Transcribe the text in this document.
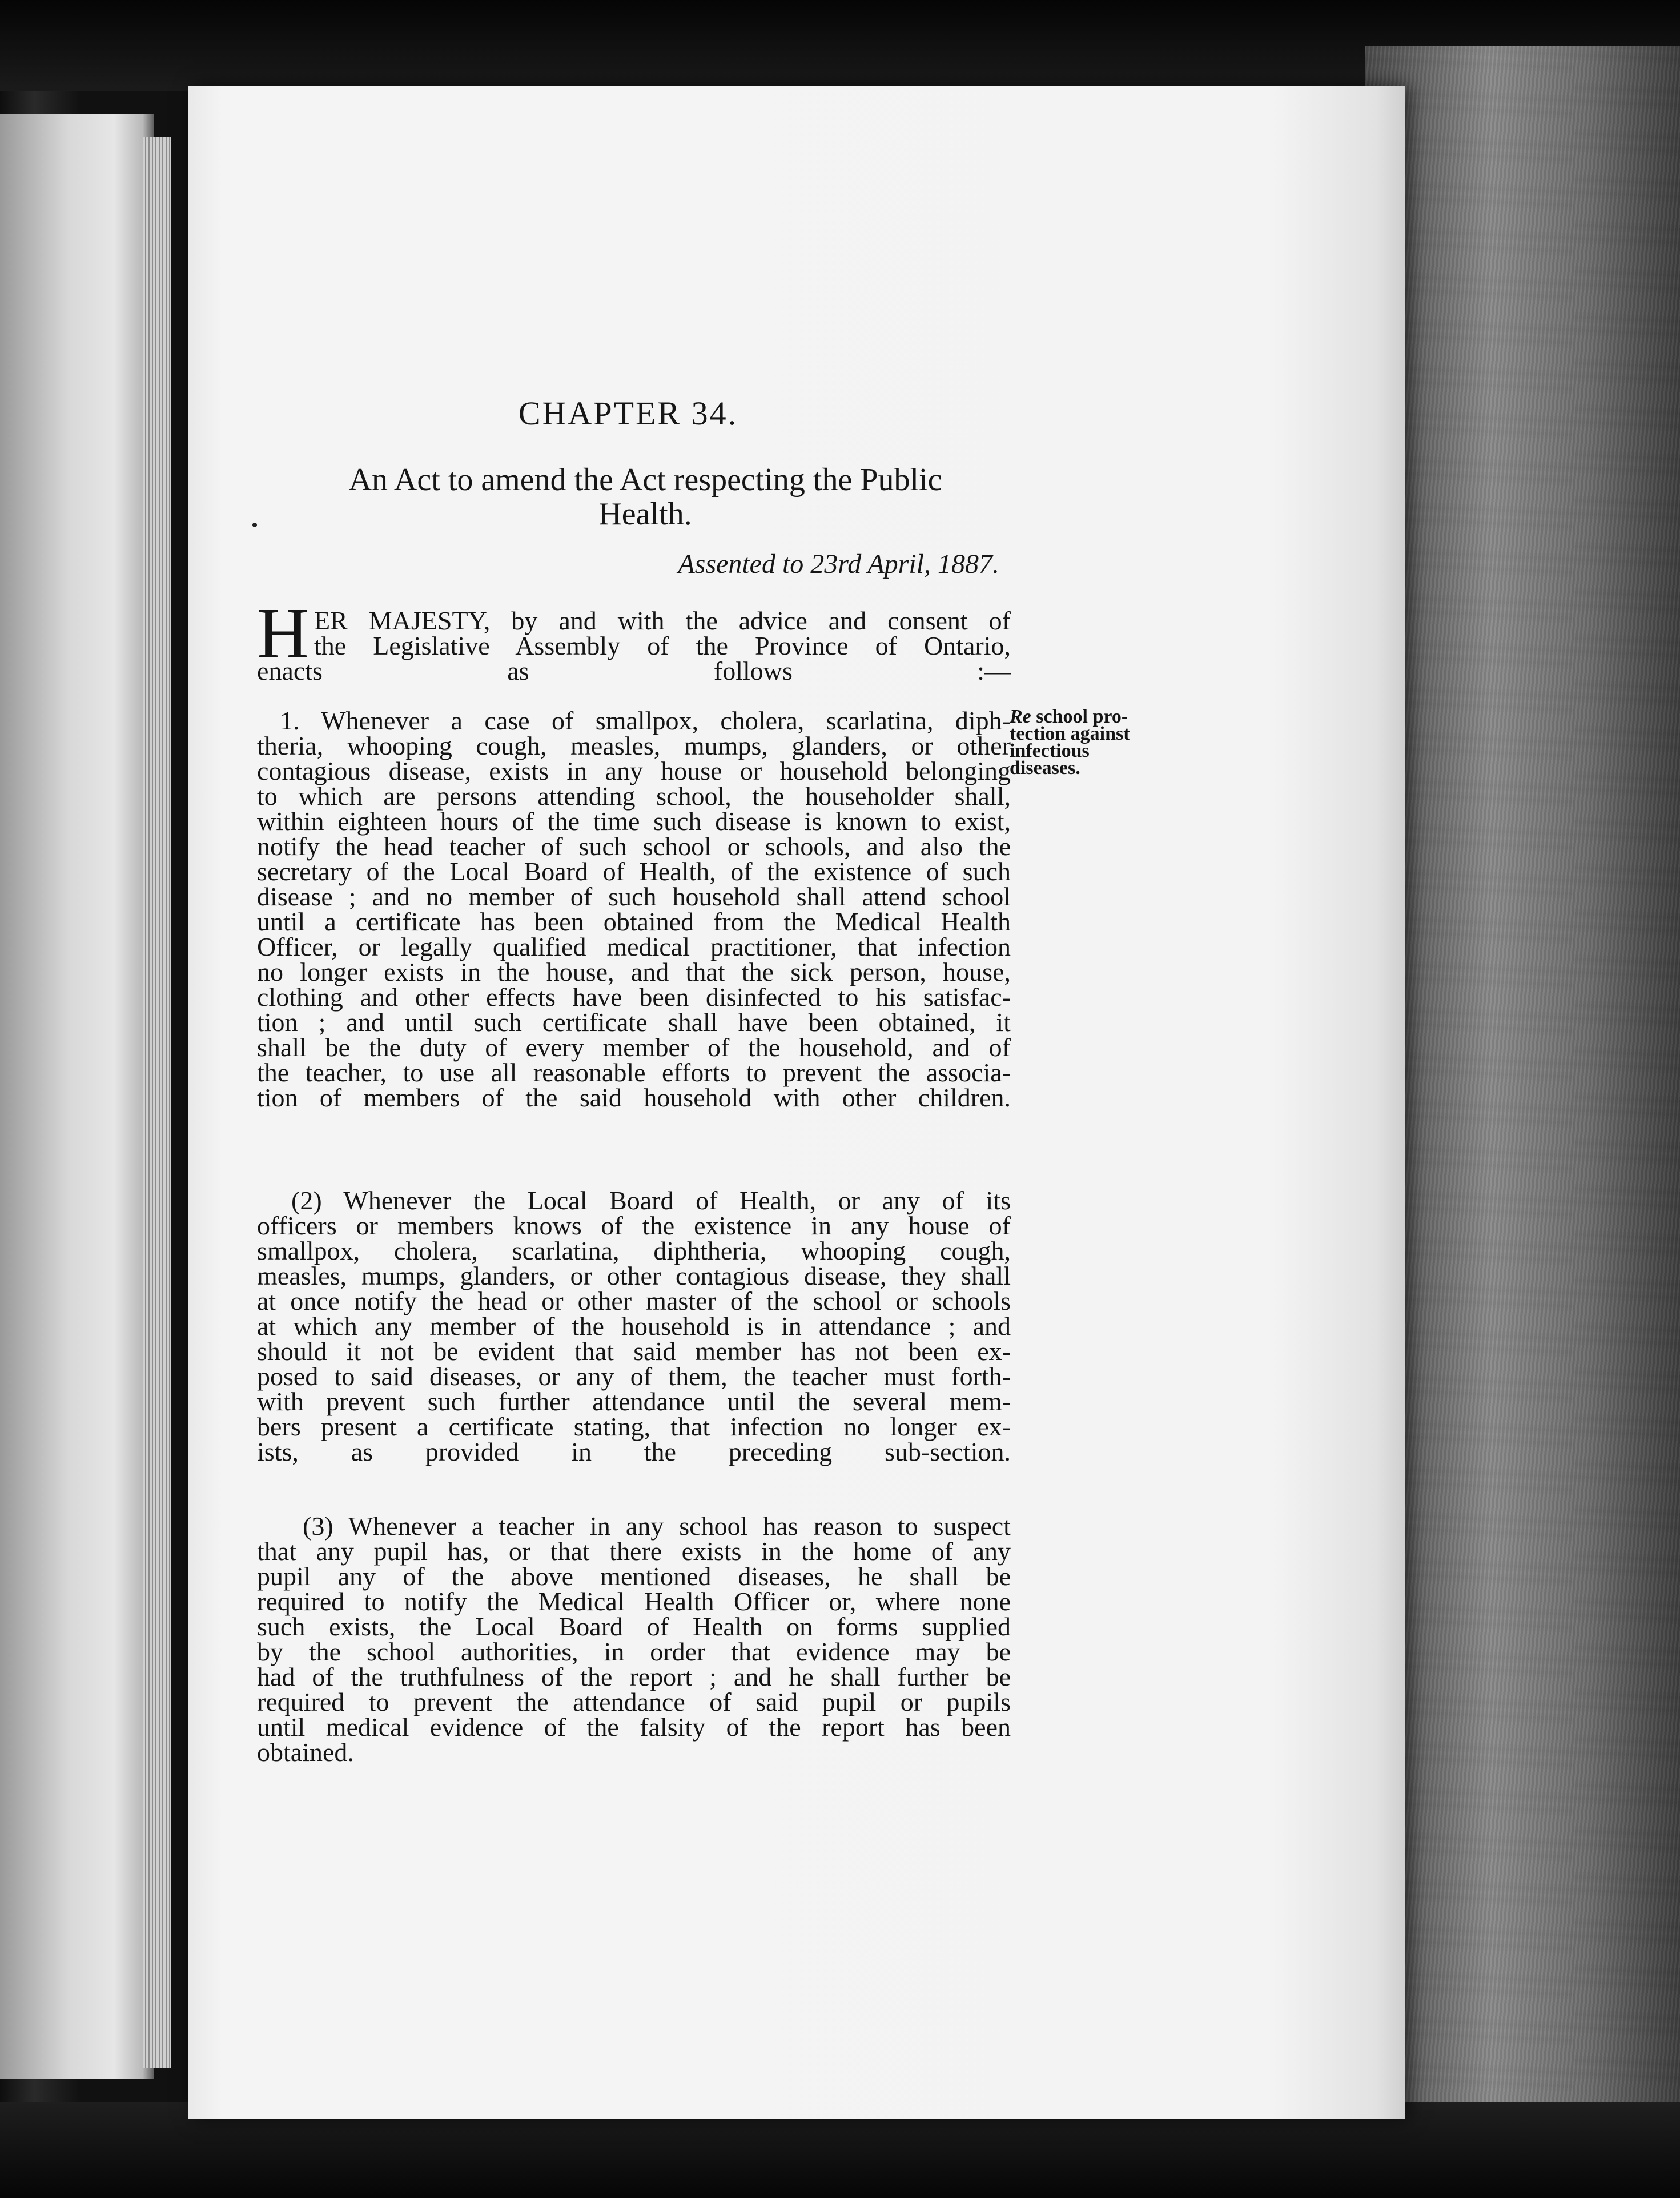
CHAPTER 34.
An Act to amend the Act respecting the Public
Health.
Assented to 23rd April, 1887.
H ER MAJESTY, by and with the advice and consent of
the Legislative Assembly of the Province of Ontario,
enacts as follows :—
Re school pro-
tection against
infectious
diseases.
1. Whenever a case of smallpox, cholera, scarlatina, diph-
theria, whooping cough, measles, mumps, glanders, or other
contagious disease, exists in any house or household belonging
to which are persons attending school, the householder shall,
within eighteen hours of the time such disease is known to exist,
notify the head teacher of such school or schools, and also the
secretary of the Local Board of Health, of the existence of such
disease ; and no member of such household shall attend school
until a certificate has been obtained from the Medical Health
Officer, or legally qualified medical practitioner, that infection
no longer exists in the house, and that the sick person, house,
clothing and other effects have been disinfected to his satisfac-
tion ; and until such certificate shall have been obtained, it
shall be the duty of every member of the household, and of
the teacher, to use all reasonable efforts to prevent the associa-
tion of members of the said household with other children.
(2) Whenever the Local Board of Health, or any of its
officers or members knows of the existence in any house of
smallpox, cholera, scarlatina, diphtheria, whooping cough,
measles, mumps, glanders, or other contagious disease, they shall
at once notify the head or other master of the school or schools
at which any member of the household is in attendance ; and
should it not be evident that said member has not been ex-
posed to said diseases, or any of them, the teacher must forth-
with prevent such further attendance until the several mem-
bers present a certificate stating, that infection no longer ex-
ists, as provided in the preceding sub-section.
(3) Whenever a teacher in any school has reason to suspect
that any pupil has, or that there exists in the home of any
pupil any of the above mentioned diseases, he shall be
required to notify the Medical Health Officer or, where none
such exists, the Local Board of Health on forms supplied
by the school authorities, in order that evidence may be
had of the truthfulness of the report ; and he shall further be
required to prevent the attendance of said pupil or pupils
until medical evidence of the falsity of the report has been
obtained.
